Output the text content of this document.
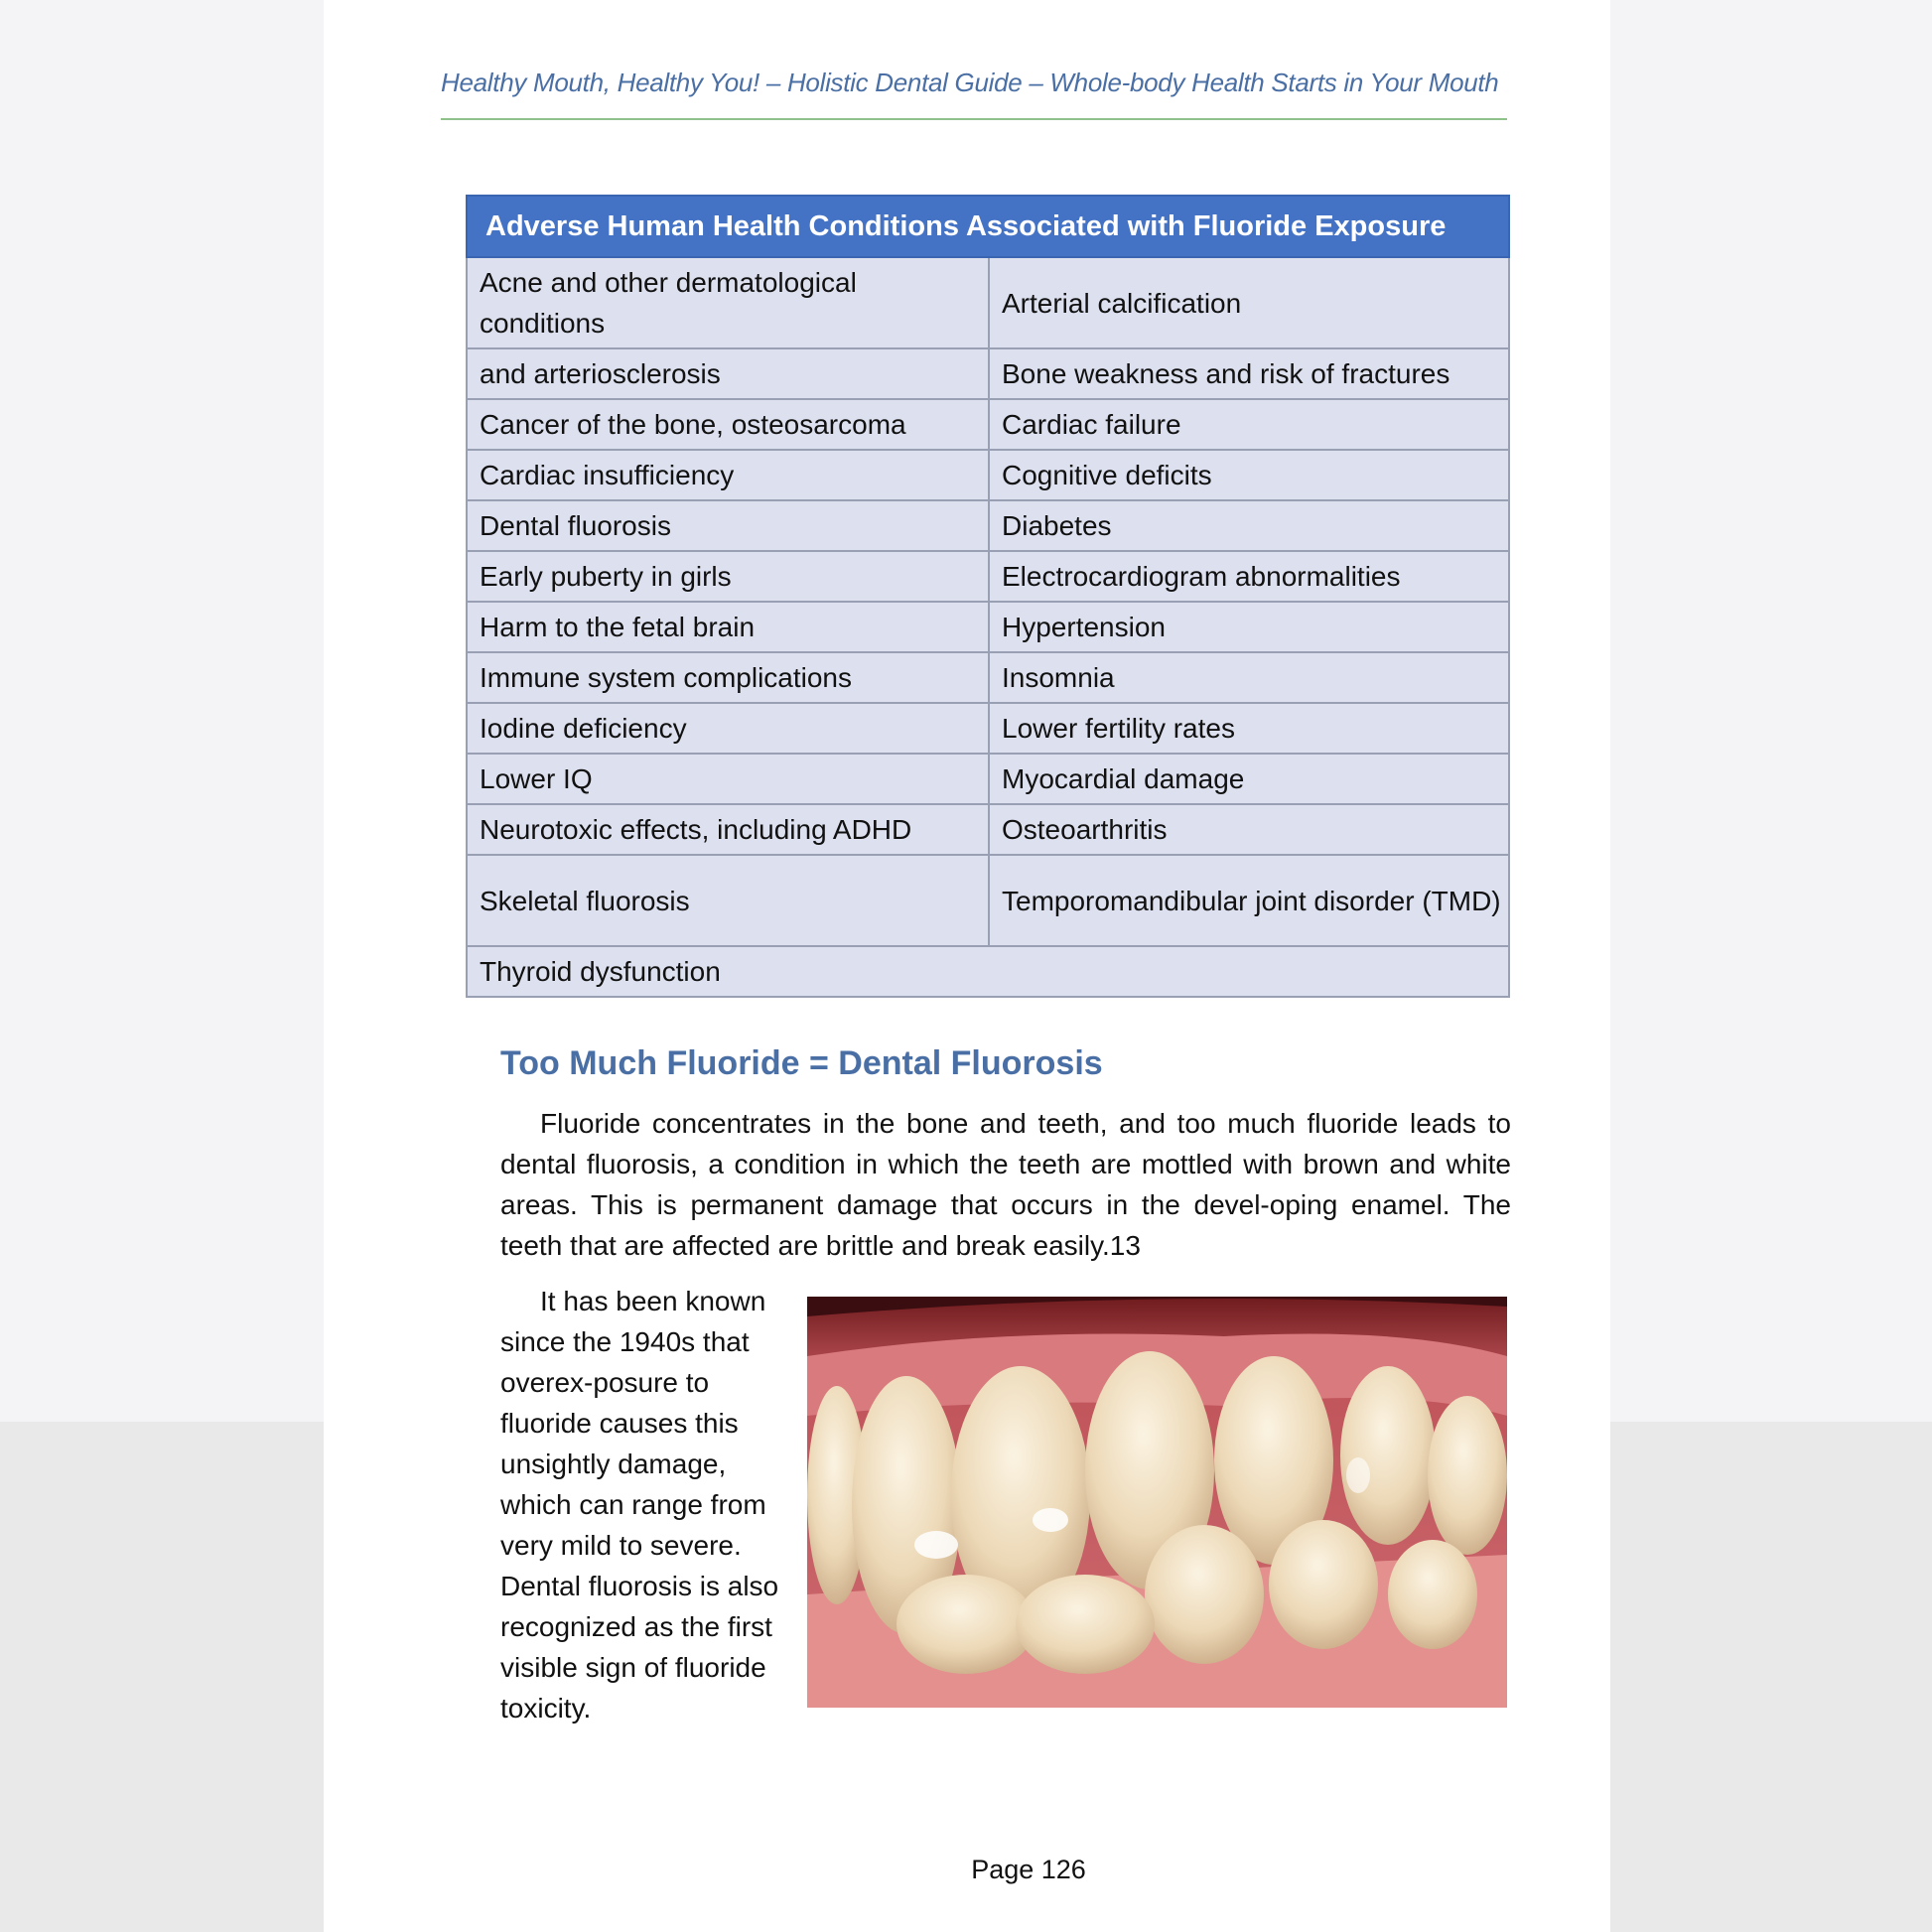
Healthy Mouth, Healthy You! – Holistic Dental Guide – Whole-body Health Starts in Your Mouth
Adverse Human Health Conditions Associated with Fluoride Exposure	
Acne and other dermatological conditions	Arterial calcification
and arteriosclerosis	Bone weakness and risk of fractures
Cancer of the bone, osteosarcoma	Cardiac failure
Cardiac insufficiency	Cognitive deficits
Dental fluorosis	Diabetes
Early puberty in girls	Electrocardiogram abnormalities
Harm to the fetal brain	Hypertension
Immune system complications	Insomnia
Iodine deficiency	Lower fertility rates
Lower IQ	Myocardial damage
Neurotoxic effects, including ADHD	Osteoarthritis
Skeletal fluorosis	Temporomandibular joint disorder (TMD)
Thyroid dysfunction	
Too Much Fluoride = Dental Fluorosis

Fluoride concentrates in the bone and teeth, and too much fluoride leads to dental fluorosis, a condition in which the teeth are mottled with brown and white areas. This is permanent damage that occurs in the devel-oping enamel. The teeth that are affected are brittle and break easily.13

It has been known since the 1940s that overex-posure to fluoride causes this unsightly damage, which can range from very mild to severe. Dental fluorosis is also recognized as the first visible sign of fluoride toxicity.

Page 126
